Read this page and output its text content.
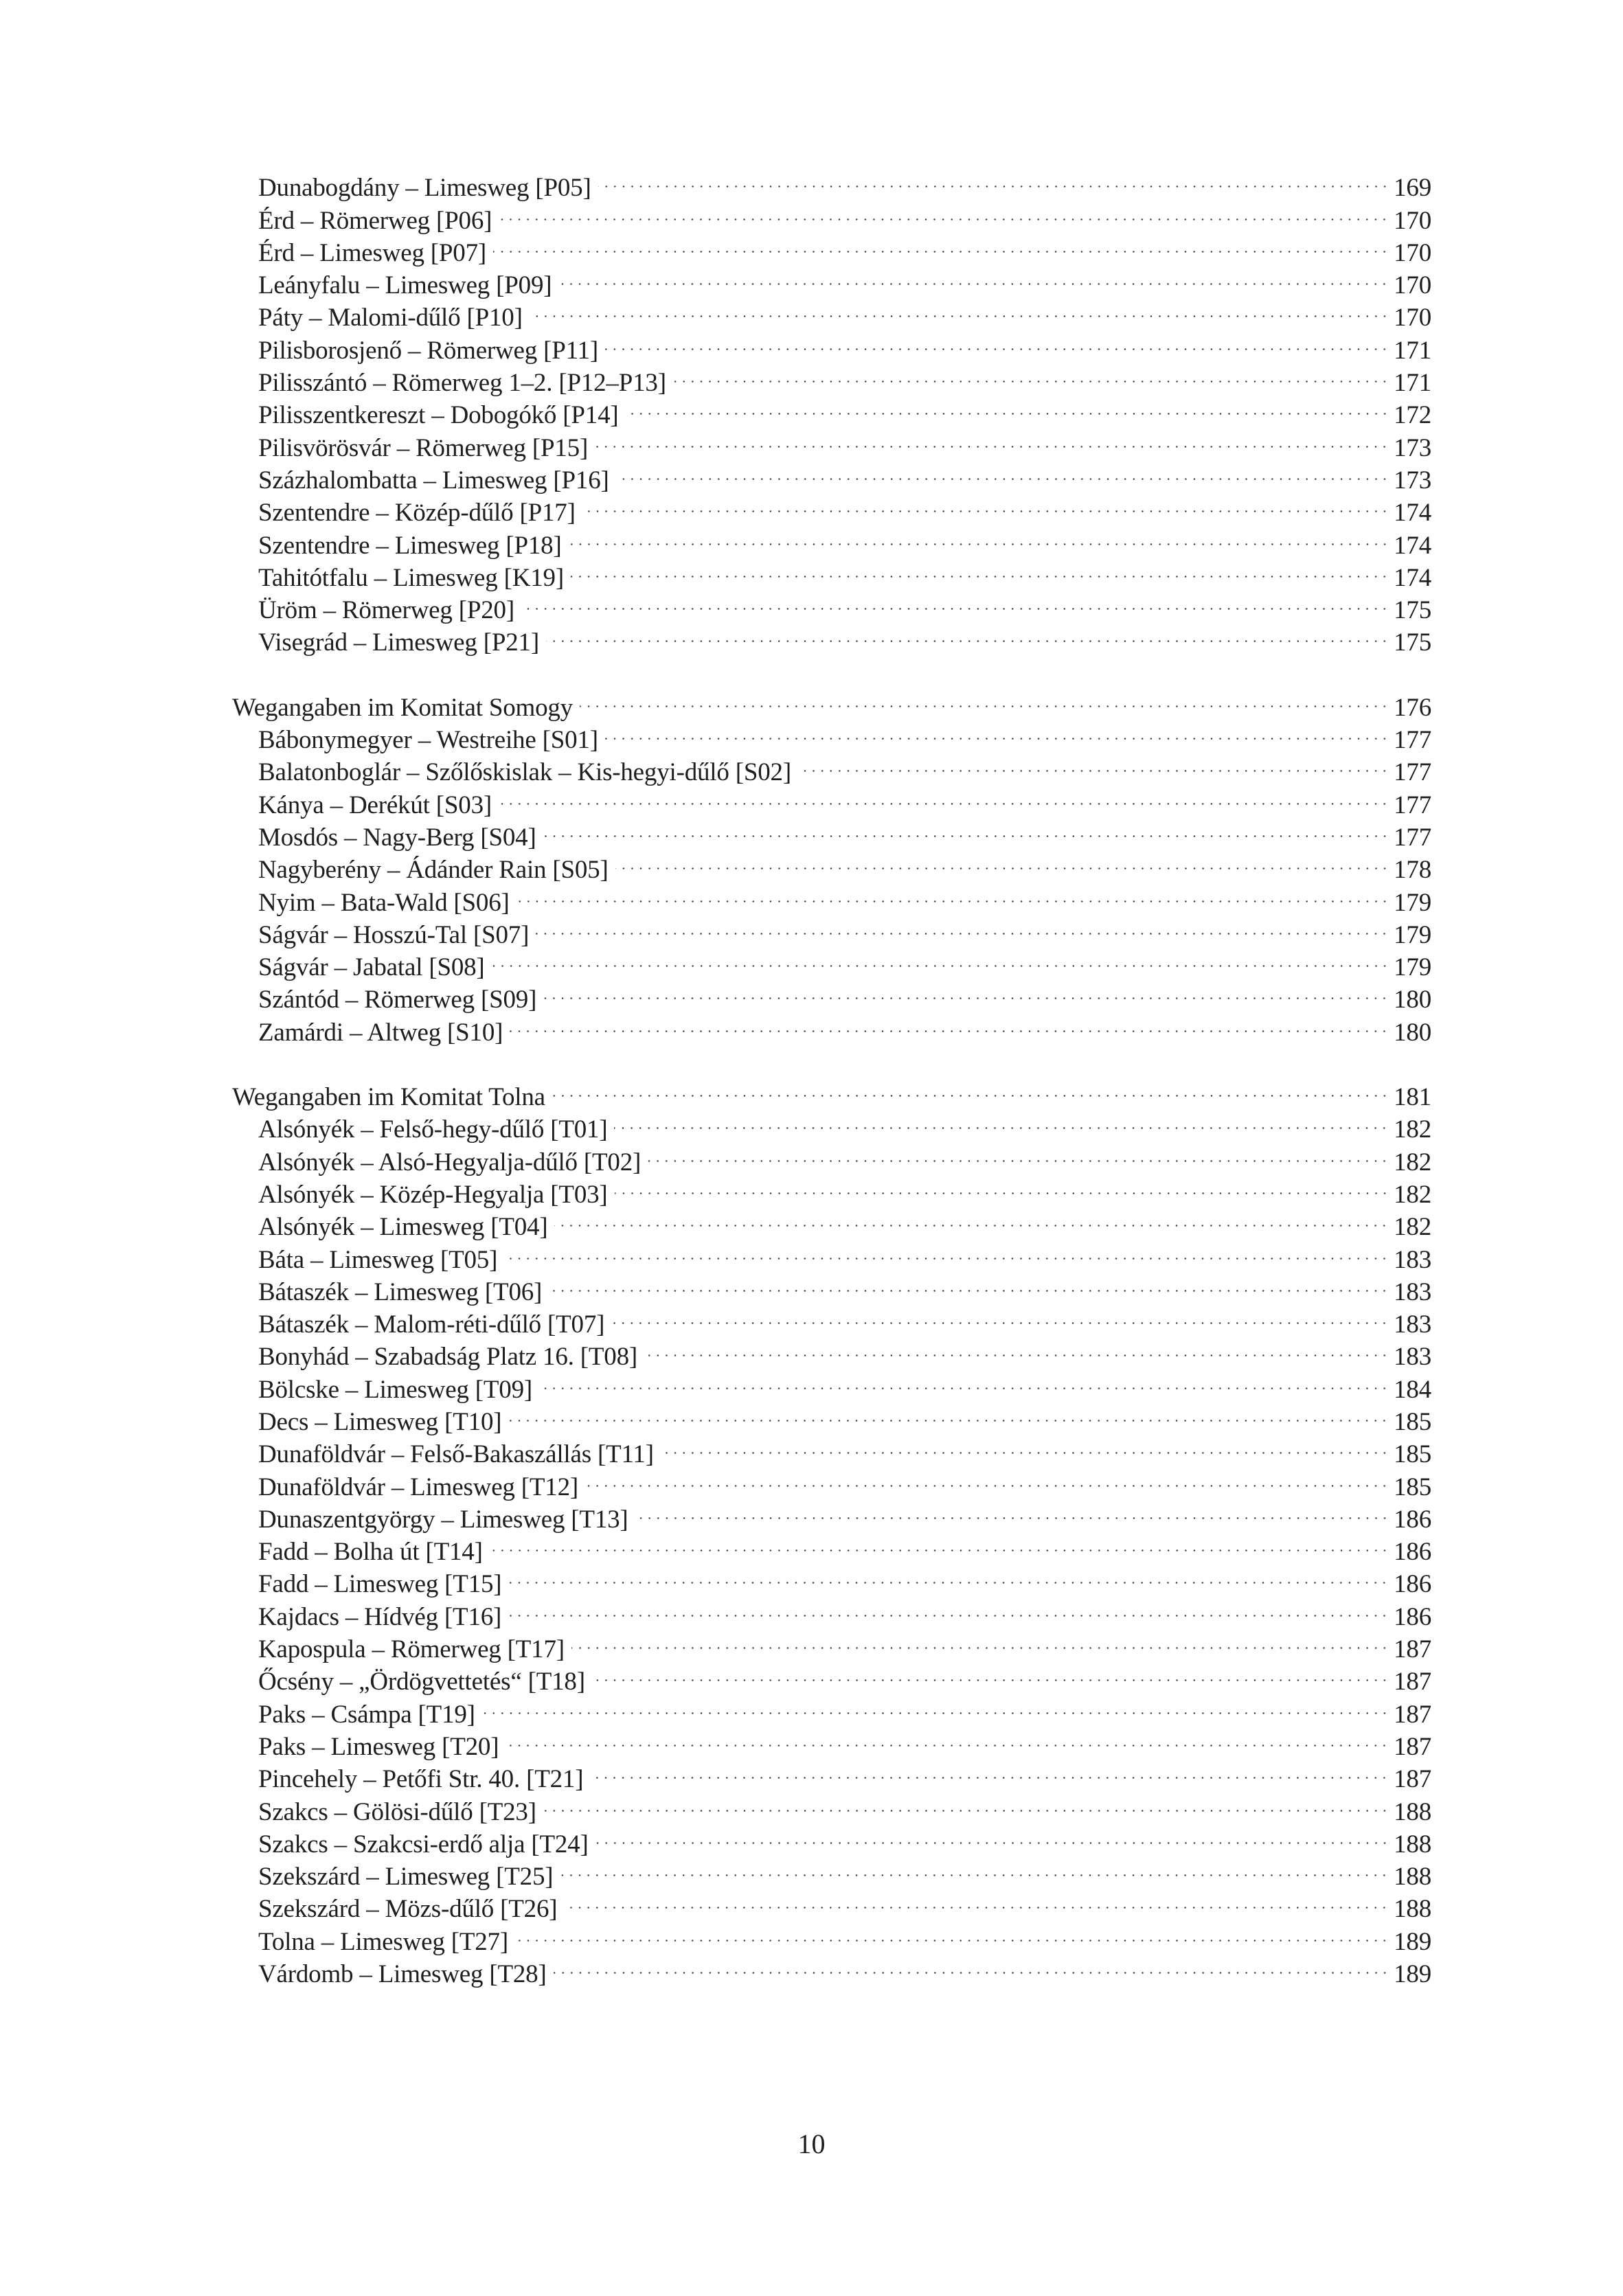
Dunabogdány – Limesweg [P05]	169
Érd – Römerweg [P06]	170
Érd – Limesweg [P07]	170
Leányfalu – Limesweg [P09]	170
Páty – Malomi-dűlő [P10]	170
Pilisborosjenő – Römerweg [P11]	171
Pilisszántó – Römerweg 1–2. [P12–P13]	171
Pilisszentkereszt – Dobogókő [P14]	172
Pilisvörösvár – Römerweg [P15]	173
Százhalombatta – Limesweg [P16]	173
Szentendre – Közép-dűlő [P17]	174
Szentendre – Limesweg [P18]	174
Tahitótfalu – Limesweg [K19]	174
Üröm – Römerweg [P20]	175
Visegrád – Limesweg [P21]	175
Wegangaben im Komitat Somogy	176
Bábonymegyer – Westreihe [S01]	177
Balatonboglár – Szőlőskislak – Kis-hegyi-dűlő [S02]	177
Kánya – Derékút [S03]	177
Mosdós – Nagy-Berg [S04]	177
Nagyberény – Ádánder Rain [S05]	178
Nyim – Bata-Wald [S06]	179
Ságvár – Hosszú-Tal [S07]	179
Ságvár – Jabatal [S08]	179
Szántód – Römerweg [S09]	180
Zamárdi – Altweg [S10]	180
Wegangaben im Komitat Tolna	181
Alsónyék – Felső-hegy-dűlő [T01]	182
Alsónyék – Alsó-Hegyalja-dűlő [T02]	182
Alsónyék – Közép-Hegyalja [T03]	182
Alsónyék – Limesweg [T04]	182
Báta – Limesweg [T05]	183
Bátaszék – Limesweg [T06]	183
Bátaszék – Malom-réti-dűlő [T07]	183
Bonyhád – Szabadság Platz 16. [T08]	183
Bölcske – Limesweg [T09]	184
Decs – Limesweg [T10]	185
Dunaföldvár – Felső-Bakaszállás [T11]	185
Dunaföldvár – Limesweg [T12]	185
Dunaszentgyörgy – Limesweg [T13]	186
Fadd – Bolha út [T14]	186
Fadd – Limesweg [T15]	186
Kajdacs – Hídvég [T16]	186
Kapospula – Römerweg [T17]	187
Őcsény – „Ördögvettetés“ [T18]	187
Paks – Csámpa [T19]	187
Paks – Limesweg [T20]	187
Pincehely – Petőfi Str. 40. [T21]	187
Szakcs – Gölösi-dűlő [T23]	188
Szakcs – Szakcsi-erdő alja [T24]	188
Szekszárd – Limesweg [T25]	188
Szekszárd – Mözs-dűlő [T26]	188
Tolna – Limesweg [T27]	189
Várdomb – Limesweg [T28]	189
10
